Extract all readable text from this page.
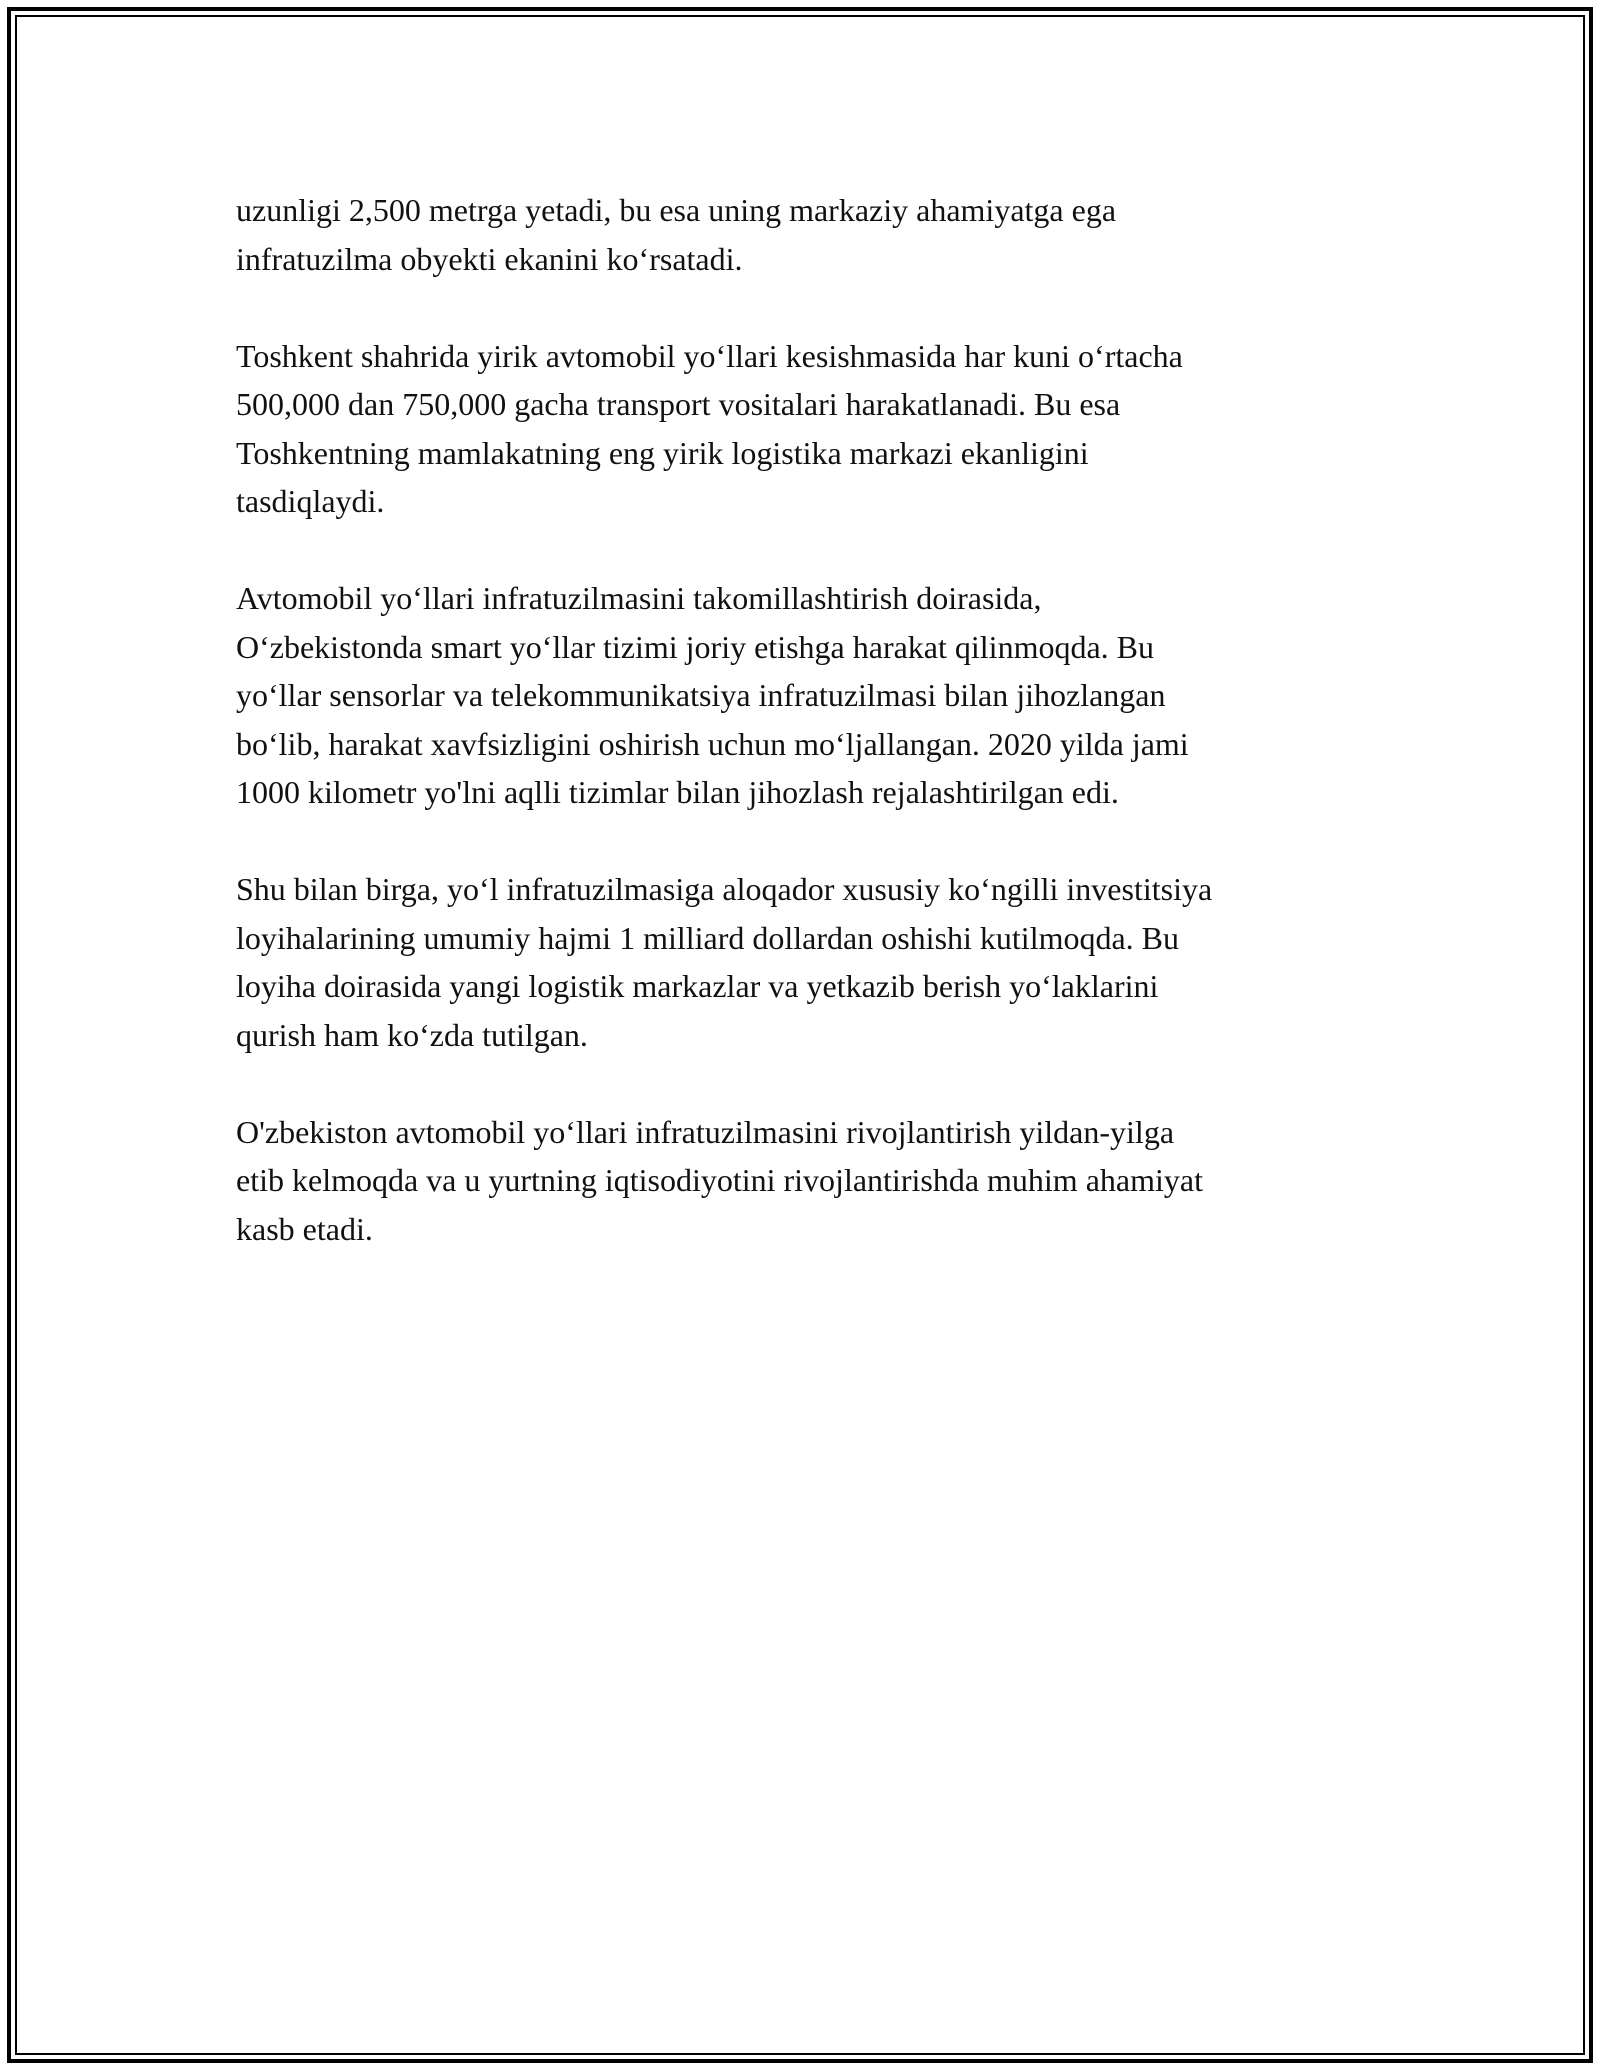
uzunligi 2,500 metrga yetadi, bu esa uning markaziy ahamiyatga ega
infratuzilma obyekti ekanini ko‘rsatadi.

Toshkent shahrida yirik avtomobil yo‘llari kesishmasida har kuni o‘rtacha
500,000 dan 750,000 gacha transport vositalari harakatlanadi. Bu esa
Toshkentning mamlakatning eng yirik logistika markazi ekanligini
tasdiqlaydi.

Avtomobil yo‘llari infratuzilmasini takomillashtirish doirasida,
O‘zbekistonda smart yo‘llar tizimi joriy etishga harakat qilinmoqda. Bu
yo‘llar sensorlar va telekommunikatsiya infratuzilmasi bilan jihozlangan
bo‘lib, harakat xavfsizligini oshirish uchun mo‘ljallangan. 2020 yilda jami
1000 kilometr yo'lni aqlli tizimlar bilan jihozlash rejalashtirilgan edi.

Shu bilan birga, yo‘l infratuzilmasiga aloqador xususiy ko‘ngilli investitsiya
loyihalarining umumiy hajmi 1 milliard dollardan oshishi kutilmoqda. Bu
loyiha doirasida yangi logistik markazlar va yetkazib berish yo‘laklarini
qurish ham ko‘zda tutilgan.

O'zbekiston avtomobil yo‘llari infratuzilmasini rivojlantirish yildan-yilga
etib kelmoqda va u yurtning iqtisodiyotini rivojlantirishda muhim ahamiyat
kasb etadi.
